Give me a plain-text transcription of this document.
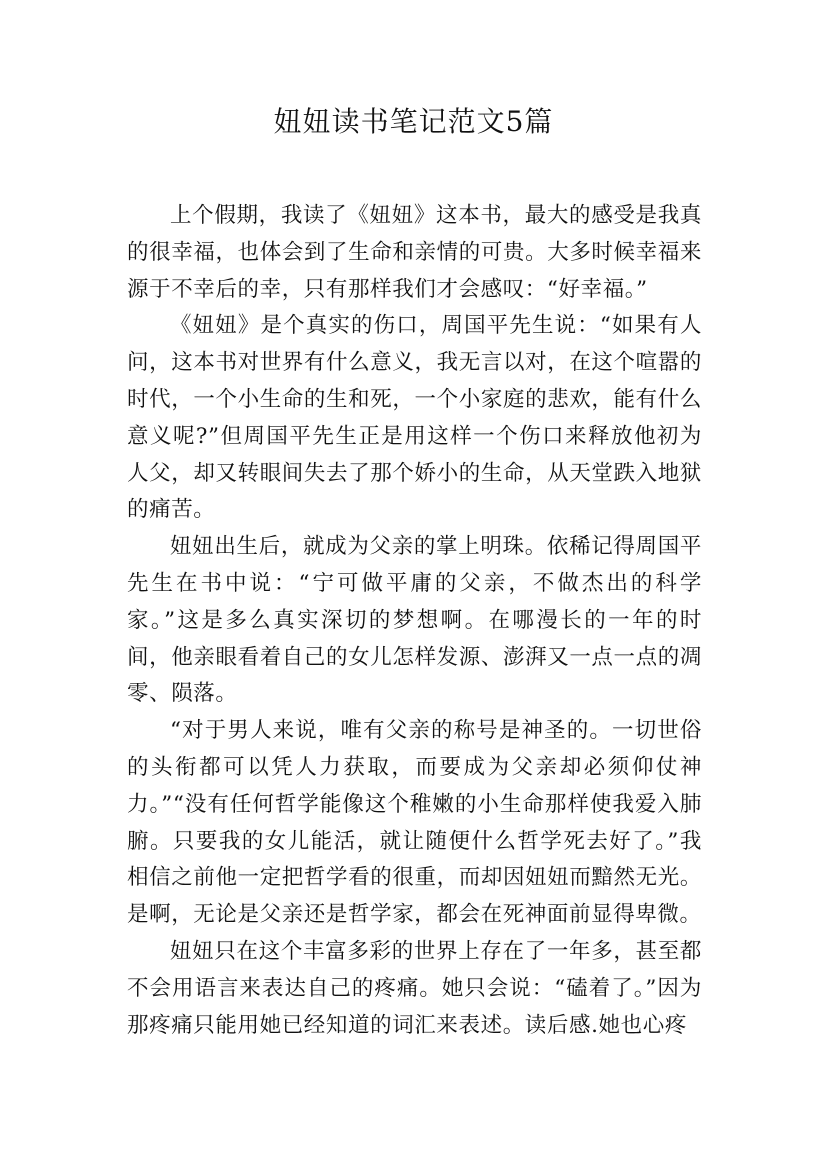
妞妞读书笔记范文5篇

上个假期，我读了《妞妞》这本书，最大的感受是我真的很幸福，也体会到了生命和亲情的可贵。大多时候幸福来源于不幸后的幸，只有那样我们才会感叹：“好幸福。”

《妞妞》是个真实的伤口，周国平先生说：“如果有人问，这本书对世界有什么意义，我无言以对，在这个喧嚣的时代，一个小生命的生和死，一个小家庭的悲欢，能有什么意义呢?”但周国平先生正是用这样一个伤口来释放他初为人父，却又转眼间失去了那个娇小的生命，从天堂跌入地狱的痛苦。

妞妞出生后，就成为父亲的掌上明珠。依稀记得周国平先生在书中说：“宁可做平庸的父亲，不做杰出的科学家。”这是多么真实深切的梦想啊。在哪漫长的一年的时间，他亲眼看着自己的女儿怎样发源、澎湃又一点一点的凋零、陨落。

“对于男人来说，唯有父亲的称号是神圣的。一切世俗的头衔都可以凭人力获取，而要成为父亲却必须仰仗神力。”“没有任何哲学能像这个稚嫩的小生命那样使我爱入肺腑。只要我的女儿能活，就让随便什么哲学死去好了。”我相信之前他一定把哲学看的很重，而却因妞妞而黯然无光。是啊，无论是父亲还是哲学家，都会在死神面前显得卑微。

妞妞只在这个丰富多彩的世界上存在了一年多，甚至都不会用语言来表达自己的疼痛。她只会说：“磕着了。”因为那疼痛只能用她已经知道的词汇来表述。读后感.她也心疼
